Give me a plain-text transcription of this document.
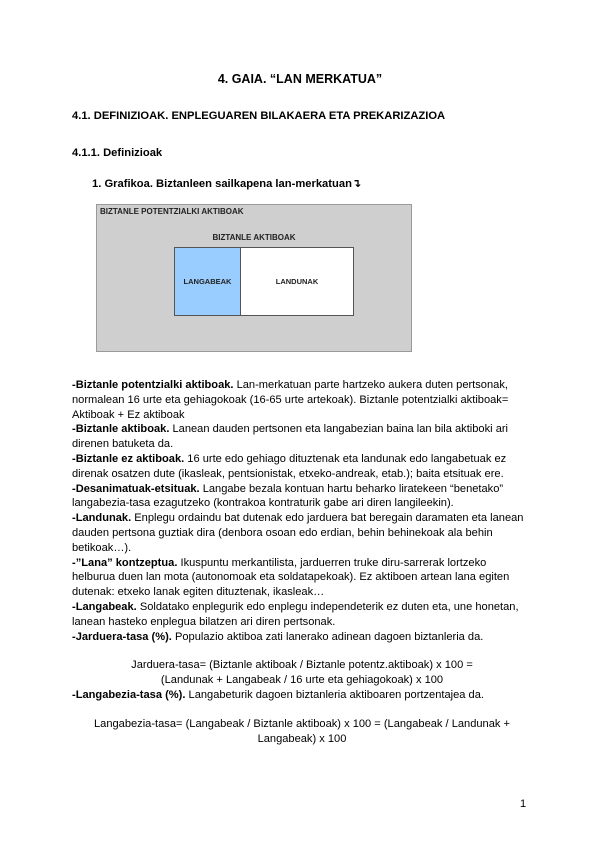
4. GAIA. “LAN MERKATUA”
4.1. DEFINIZIOAK. ENPLEGUAREN BILAKAERA ETA PREKARIZAZIOA
4.1.1. Definizioak
1. Grafikoa. Biztanleen sailkapena lan-merkatuan↴
BIZTANLE POTENTZIALKI AKTIBOAK
BIZTANLE AKTIBOAK
LANGABEAK	LANDUNAK

-Biztanle potentzialki aktiboak. Lan-merkatuan parte hartzeko aukera duten pertsonak, normalean 16 urte eta gehiagokoak (16-65 urte artekoak). Biztanle potentzialki aktiboak= Aktiboak + Ez aktiboak

-Biztanle aktiboak. Lanean dauden pertsonen eta langabezian baina lan bila aktiboki ari direnen batuketa da.

-Biztanle ez aktiboak. 16 urte edo gehiago dituztenak eta landunak edo langabetuak ez direnak osatzen dute (ikasleak, pentsionistak, etxeko-andreak, etab.); baita etsituak ere.

-Desanimatuak-etsituak. Langabe bezala kontuan hartu beharko liratekeen “benetako” langabezia-tasa ezagutzeko (kontrakoa kontraturik gabe ari diren langileekin).

-Landunak. Enplegu ordaindu bat dutenak edo jarduera bat beregain daramaten eta lanean dauden pertsona guztiak dira (denbora osoan edo erdian, behin behinekoak ala behin betikoak…).

-”Lana” kontzeptua. Ikuspuntu merkantilista, jarduerren truke diru-sarrerak lortzeko helburua duen lan mota (autonomoak eta soldatapekoak). Ez aktiboen artean lana egiten dutenak: etxeko lanak egiten dituztenak, ikasleak…

-Langabeak. Soldatako enplegurik edo enplegu independeterik ez duten eta, une honetan, lanean hasteko enplegua bilatzen ari diren pertsonak.

-Jarduera-tasa (%). Populazio aktiboa zati lanerako adinean dagoen biztanleria da.

Jarduera-tasa= (Biztanle aktiboak / Biztanle potentz.aktiboak) x 100 =

(Landunak + Langabeak / 16 urte eta gehiagokoak) x 100

-Langabezia-tasa (%). Langabeturik dagoen biztanleria aktiboaren portzentajea da.

Langabezia-tasa= (Langabeak / Biztanle aktiboak) x 100 = (Langabeak / Landunak +

Langabeak) x 100

1
